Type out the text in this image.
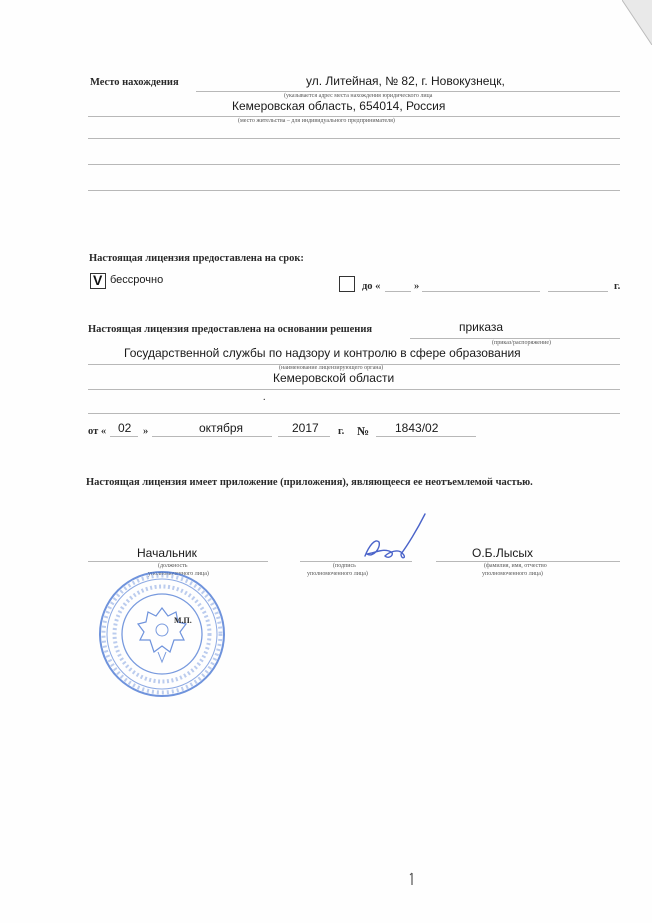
Место нахождения	ул. Литейная, № 82, г. Новокузнецк,
(указывается адрес места нахождения юридического лица
Кемеровская область, 654014, Россия
(место жительства – для индивидуального предпринимателя)
Настоящая лицензия предоставлена на срок:
V бессрочно
до «	»	г.
Настоящая лицензия предоставлена на основании решения	приказа
(приказ/распоряжение)
Государственной службы по надзору и контролю в сфере образования
(наименование лицензирующего органа)
Кемеровской области
.
от « 02 »	октября	2017 г. № 1843/02
Настоящая лицензия имеет приложение (приложения), являющееся ее неотъемлемой частью.
Начальник
(должность
уполномоченного лица)
(подпись
уполномоченного лица)
О.Б.Лысых
(фамилия, имя, отчество
уполномоченного лица)
М.П.
